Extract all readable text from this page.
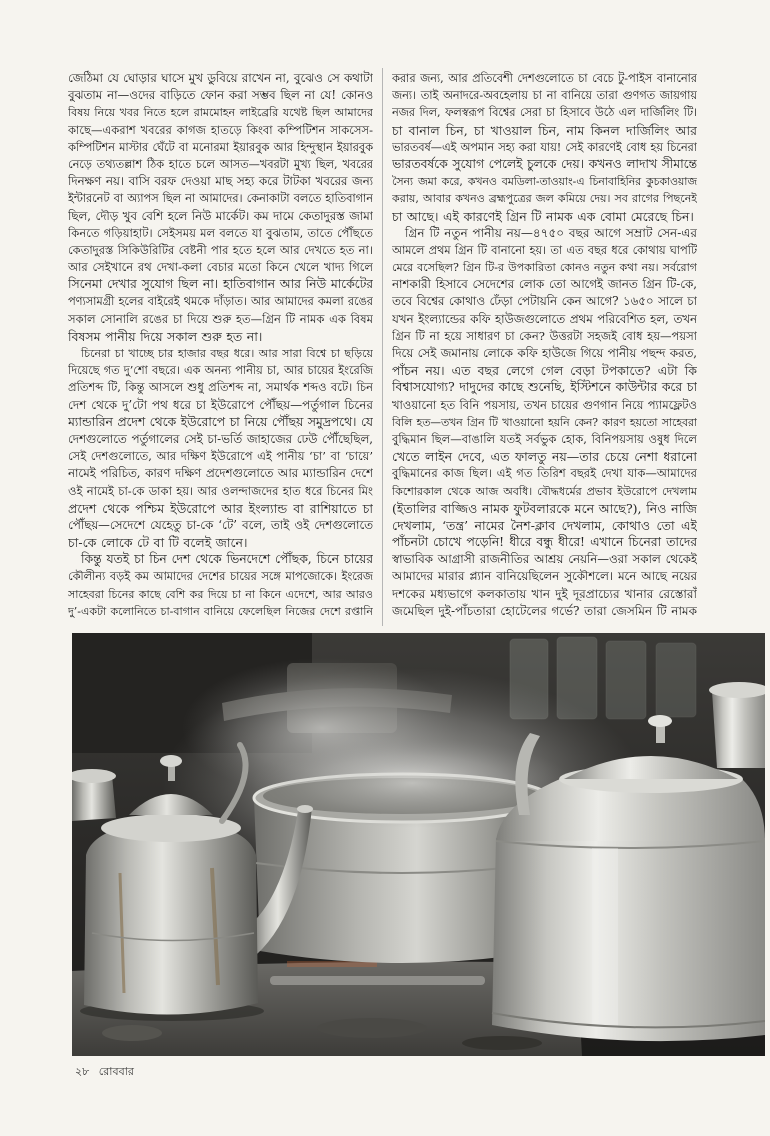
জেঠিমা যে ঘোড়ার ঘাসে মুখ ডুবিয়ে রাখেন না, বুঝেও সে কথাটা
বুঝতাম না—ওদের বাড়িতে ফোন করা সম্ভব ছিল না যে! কোনও
বিষয় নিয়ে খবর নিতে হলে রামমোহন লাইব্রেরি যথেষ্ট ছিল আমাদের
কাছে—একরাশ খবরের কাগজ হাতড়ে কিংবা কম্পিটিশন সাকসেস-
কম্পিটিশন মাস্টার ঘেঁটে বা মনোরমা ইয়ারবুক আর হিন্দুস্থান ইয়ারবুক
নেড়ে তথ্যতল্লাশ ঠিক হাতে চলে আসত—খবরটা মুখ্য ছিল, খবরের
দিনক্ষণ নয়। বাসি বরফ দেওয়া মাছ সহ্য করে টাটকা খবরের জন্য
ইন্টারনেট বা অ্যাপস ছিল না আমাদের। কেনাকাটা বলতে হাতিবাগান
ছিল, দৌড় খুব বেশি হলে নিউ মার্কেট। কম দামে কেতাদুরস্ত জামা
কিনতে গড়িয়াহাট। সেইসময় মল বলতে যা বুঝতাম, তাতে পৌঁছতে
কেতাদুরস্ত সিকিউরিটির বেষ্টনী পার হতে হলে আর দেখতে হত না।
আর সেইখানে রথ দেখা-কলা বেচার মতো কিনে খেলে খাদ্য গিলে
সিনেমা দেখার সুযোগ ছিল না। হাতিবাগান আর নিউ মার্কেটের
পণ্যসামগ্রী হলের বাইরেই থমকে দাঁড়াত। আর আমাদের কমলা রঙের
সকাল সোনালি রঙের চা দিয়ে শুরু হত—গ্রিন টি নামক এক বিষম
বিষসম পানীয় দিয়ে সকাল শুরু হত না।
চিনেরা চা খাচ্ছে চার হাজার বছর ধরে। আর সারা বিশ্বে চা ছড়িয়ে
দিয়েছে গত দু’শো বছরে। এক অনন্য পানীয় চা, আর চায়ের ইংরেজি
প্রতিশব্দ টি, কিন্তু আসলে শুধু প্রতিশব্দ না, সমার্থক শব্দও বটে। চিন
দেশ থেকে দু’টো পথ ধরে চা ইউরোপে পৌঁছয়—পর্তুগাল চিনের
ম্যান্ডারিন প্রদেশ থেকে ইউরোপে চা নিয়ে পৌঁছয় সমুদ্রপথে। যে
দেশগুলোতে পর্তুগালের সেই চা-ভর্তি জাহাজের ঢেউ পৌঁছেছিল,
সেই দেশগুলোতে, আর দক্ষিণ ইউরোপে এই পানীয় ‘চা’ বা ‘চায়ে’
নামেই পরিচিত, কারণ দক্ষিণ প্রদেশগুলোতে আর ম্যান্ডারিন দেশে
ওই নামেই চা-কে ডাকা হয়। আর ওলন্দাজদের হাত ধরে চিনের মিং
প্রদেশ থেকে পশ্চিম ইউরোপে আর ইংল্যান্ড বা রাশিয়াতে চা
পৌঁছয়—সেদেশে যেহেতু চা-কে ‘টে’ বলে, তাই ওই দেশগুলোতে
চা-কে লোকে টে বা টি বলেই জানে।
কিন্তু যতই চা চিন দেশ থেকে ভিনদেশে পৌঁছক, চিনে চায়ের
কৌলীন্য বড়ই কম আমাদের দেশের চায়ের সঙ্গে মাপজোকে। ইংরেজ
সাহেবরা চিনের কাছে বেশি কর দিয়ে চা না কিনে এদেশে, আর আরও
দু’-একটা কলোনিতে চা-বাগান বানিয়ে ফেলেছিল নিজের দেশে রপ্তানি
করার জন্য, আর প্রতিবেশী দেশগুলোতে চা বেচে টু-পাইস বানানোর
জন্য। তাই অনাদরে-অবহেলায় চা না বানিয়ে তারা গুণগত জায়গায়
নজর দিল, ফলস্বরূপ বিশ্বের সেরা চা হিসাবে উঠে এল দার্জিলিং টি।
চা বানাল চিন, চা খাওয়াল চিন, নাম কিনল দার্জিলিং আর
ভারতবর্ষ—এই অপমান সহ্য করা যায়! সেই কারণেই বোধ হয় চিনেরা
ভারতবর্ষকে সুযোগ পেলেই চুলকে দেয়। কখনও লাদাখ সীমান্তে
সৈন্য জমা করে, কখনও বমডিলা-তাওয়াং-এ চিনাবাহিনির কুচকাওয়াজ
করায়, আবার কখনও ব্রহ্মপুত্রের জল কমিয়ে দেয়। সব রাগের পিছনেই
চা আছে। এই কারণেই গ্রিন টি নামক এক বোমা মেরেছে চিন।
গ্রিন টি নতুন পানীয় নয়—৪৭৫০ বছর আগে সম্রাট সেন-এর
আমলে প্রথম গ্রিন টি বানানো হয়। তা এত বছর ধরে কোথায় ঘাপটি
মেরে বসেছিল? গ্রিন টি-র উপকারিতা কোনও নতুন কথা নয়। সর্বরোগ
নাশকারী হিসাবে সেদেশের লোক তো আগেই জানত গ্রিন টি-কে,
তবে বিশ্বের কোথাও ঢেঁড়া পেটায়নি কেন আগে? ১৬৫০ সালে চা
যখন ইংল্যান্ডের কফি হাউজগুলোতে প্রথম পরিবেশিত হল, তখন
গ্রিন টি না হয়ে সাধারণ চা কেন? উত্তরটা সহজই বোধ হয়—পয়সা
দিয়ে সেই জমানায় লোকে কফি হাউজে গিয়ে পানীয় পছন্দ করত,
পাঁচন নয়। এত বছর লেগে গেল বেড়া টপকাতে? এটা কি
বিশ্বাসযোগ্য? দাদুদের কাছে শুনেছি, ইস্টিশনে কাউন্টার করে চা
খাওয়ানো হত বিনি পয়সায়, তখন চায়ের গুণগান নিয়ে প্যামফ্লেটও
বিলি হত—তখন গ্রিন টি খাওয়ানো হয়নি কেন? কারণ হয়তো সাহেবরা
বুদ্ধিমান ছিল—বাঙালি যতই সর্বভুক হোক, বিনিপয়সায় ওষুধ দিলে
খেতে লাইন দেবে, এত ফালতু নয়—তার চেয়ে নেশা ধরানো
বুদ্ধিমানের কাজ ছিল। এই গত তিরিশ বছরই দেখা যাক—আমাদের
কিশোরকাল থেকে আজ অবধি। বৌদ্ধধর্মের প্রভাব ইউরোপে দেখলাম
(ইতালির বাজ্জিও নামক ফুটবলারকে মনে আছে?), নিও নাজি
দেখলাম, ‘তন্ত্র’ নামের নৈশ-ক্লাব দেখলাম, কোথাও তো এই
পাঁচনটা চোখে পড়েনি! ধীরে বন্ধু ধীরে! এখানে চিনেরা তাদের
স্বাভাবিক আগ্রাসী রাজনীতির আশ্রয় নেয়নি—ওরা সকাল থেকেই
আমাদের মারার প্ল্যান বানিয়েছিলেন সুকৌশলে। মনে আছে নয়ের
দশকের মধ্যভাগে কলকাতায় খান দুই দূরপ্রাচ্যের খানার রেস্তোরাঁ
জমেছিল দুই-পাঁচতারা হোটেলের গর্ভে? তারা জেসমিন টি নামক
২৮ রোববার
